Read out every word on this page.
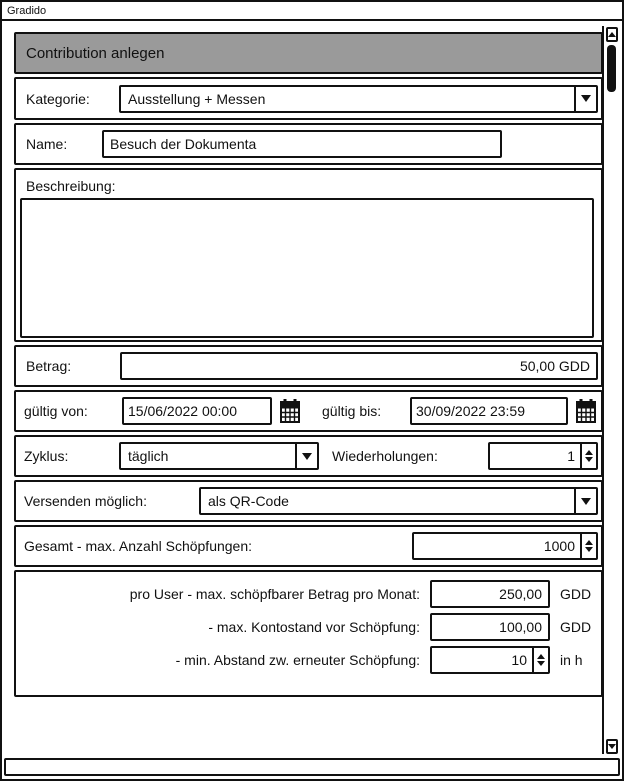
Gradido
Contribution anlegen
Kategorie:	Ausstellung + Messen
Name:	Besuch der Dokumenta
Beschreibung:
Betrag:	50,00 GDD
gültig von:	15/06/2022 00:00	gültig bis: 30/09/2022 23:59
Zyklus:	täglich	Wiederholungen:	1
Versenden möglich:	als QR-Code
Gesamt - max. Anzahl Schöpfungen:	1000
pro User - max. schöpfbarer Betrag pro Monat:	250,00 GDD
- max. Kontostand vor Schöpfung:	100,00 GDD
- min. Abstand zw. erneuter Schöpfung:	10	in h
